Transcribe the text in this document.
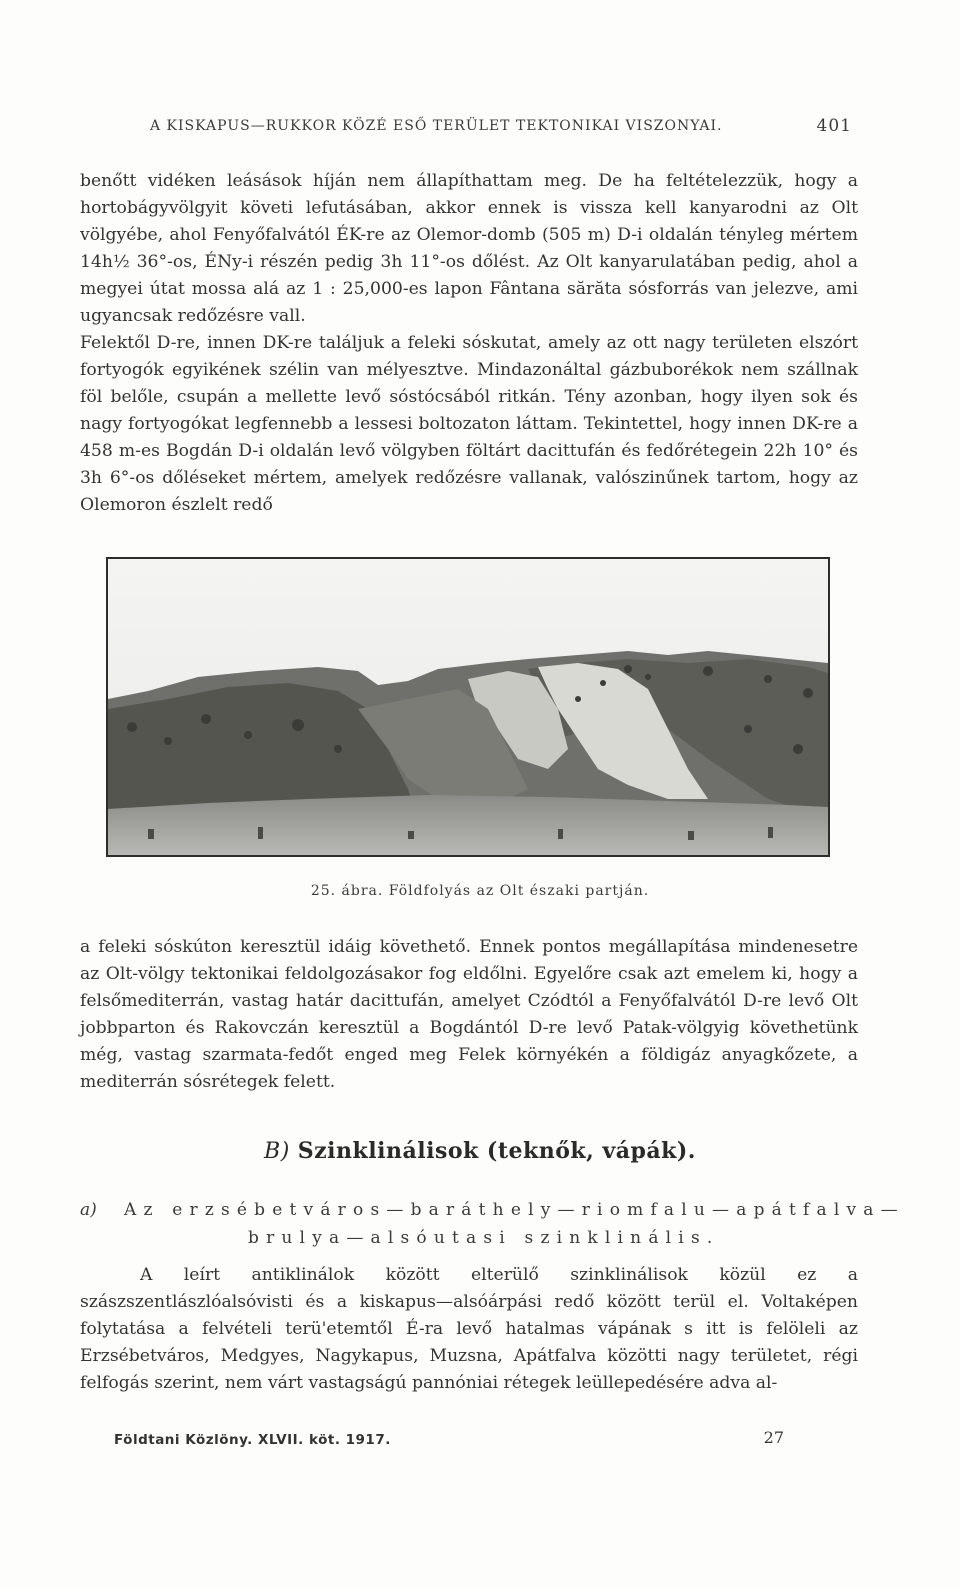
A KISKAPUS—RUKKOR KÖZÉ ESŐ TERÜLET TEKTONIKAI VISZONYAI.	401

benőtt vidéken leásások híján nem állapíthattam meg. De ha feltételezzük, hogy a hortobágyvölgyit követi lefutásában, akkor ennek is vissza kell kanyarodni az Olt völgyébe, ahol Fenyőfalvától ÉK-re az Olemor-domb (505 m) D-i oldalán tényleg mértem 14h½ 36°-os, ÉNy-i részén pedig 3h 11°-os dőlést. Az Olt kanyarulatában pedig, ahol a megyei útat mossa alá az 1 : 25,000-es lapon Fântana sărăta sósforrás van jelezve, ami ugyancsak redőzésre vall.

Felektől D-re, innen DK-re találjuk a feleki sóskutat, amely az ott nagy területen elszórt fortyogók egyikének szélin van mélyesztve. Mindazonáltal gázbuborékok nem szállnak föl belőle, csupán a mellette levő sóstócsából ritkán. Tény azonban, hogy ilyen sok és nagy fortyogókat legfennebb a lessesi boltozaton láttam. Tekintettel, hogy innen DK-re a 458 m-es Bogdán D-i oldalán levő völgyben föltárt dacittufán és fedőrétegein 22h 10° és 3h 6°-os dőléseket mértem, amelyek redőzésre vallanak, valószinűnek tartom, hogy az Olemoron észlelt redő

25. ábra. Földfolyás az Olt északi partján.

a feleki sóskúton keresztül idáig követhető. Ennek pontos megállapítása mindenesetre az Olt-völgy tektonikai feldolgozásakor fog eldőlni. Egyelőre csak azt emelem ki, hogy a felsőmediterrán, vastag határ dacittufán, amelyet Czódtól a Fenyőfalvától D-re levő Olt jobbparton és Rakovczán keresztül a Bogdántól D-re levő Patak-völgyig követhetünk még, vastag szarmata-fedőt enged meg Felek környékén a földigáz anyagkőzete, a mediterrán sósrétegek felett.

B) Szinklinálisok (teknők, vápák).
a) Az erzsébetváros—baráthely—riomfalu—apátfalva—
brulya—alsóutasi szinklinális.

A leírt antiklinálok között elterülő szinklinálisok közül ez a szászszentlászlóalsóvisti és a kiskapus—alsóárpási redő között terül el. Voltaképen folytatása a felvételi terü'etemtől É-ra levő hatalmas vápának s itt is felöleli az Erzsébetváros, Medgyes, Nagykapus, Muzsna, Apátfalva közötti nagy területet, régi felfogás szerint, nem várt vastagságú pannóniai rétegek leüllepedésére adva al-

Földtani Közlöny. XLVII. köt. 1917.	27
